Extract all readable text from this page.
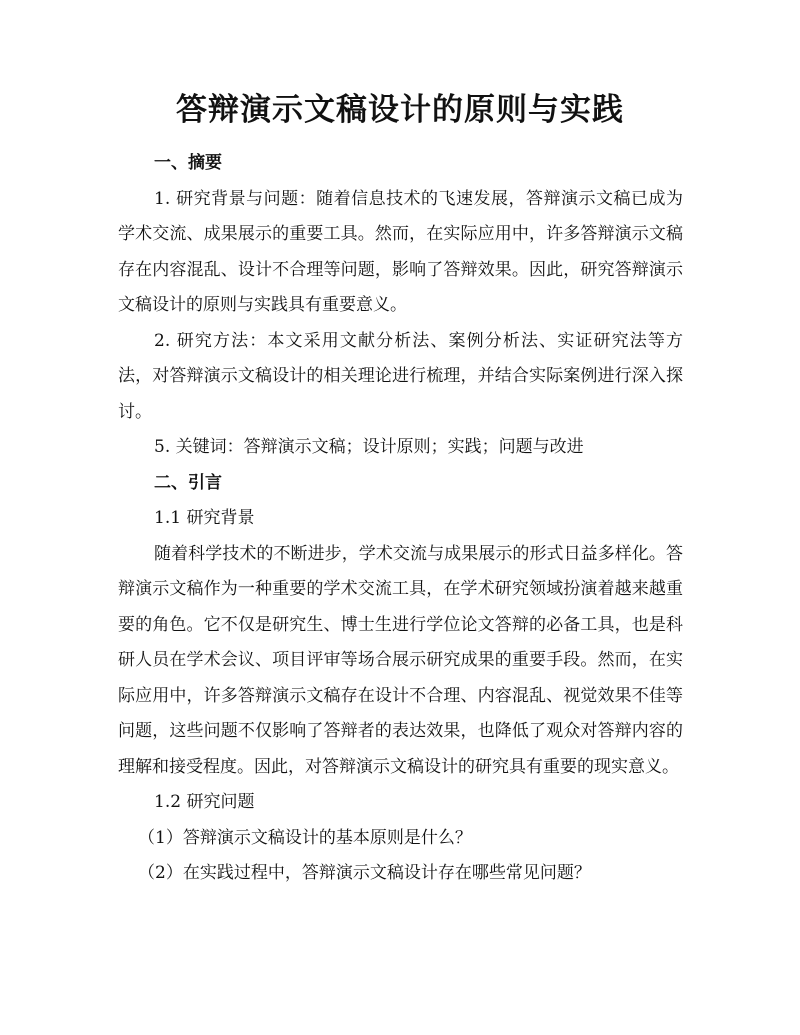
答辩演示文稿设计的原则与实践

一、摘要

1. 研究背景与问题：随着信息技术的飞速发展，答辩演示文稿已成为学术交流、成果展示的重要工具。然而，在实际应用中，许多答辩演示文稿存在内容混乱、设计不合理等问题，影响了答辩效果。因此，研究答辩演示文稿设计的原则与实践具有重要意义。

2. 研究方法：本文采用文献分析法、案例分析法、实证研究法等方法，对答辩演示文稿设计的相关理论进行梳理，并结合实际案例进行深入探讨。

5. 关键词：答辩演示文稿；设计原则；实践；问题与改进

二、引言

1.1 研究背景

随着科学技术的不断进步，学术交流与成果展示的形式日益多样化。答辩演示文稿作为一种重要的学术交流工具，在学术研究领域扮演着越来越重要的角色。它不仅是研究生、博士生进行学位论文答辩的必备工具，也是科研人员在学术会议、项目评审等场合展示研究成果的重要手段。然而，在实际应用中，许多答辩演示文稿存在设计不合理、内容混乱、视觉效果不佳等问题，这些问题不仅影响了答辩者的表达效果，也降低了观众对答辩内容的理解和接受程度。因此，对答辩演示文稿设计的研究具有重要的现实意义。

1.2 研究问题

（1）答辩演示文稿设计的基本原则是什么？

（2）在实践过程中，答辩演示文稿设计存在哪些常见问题？
